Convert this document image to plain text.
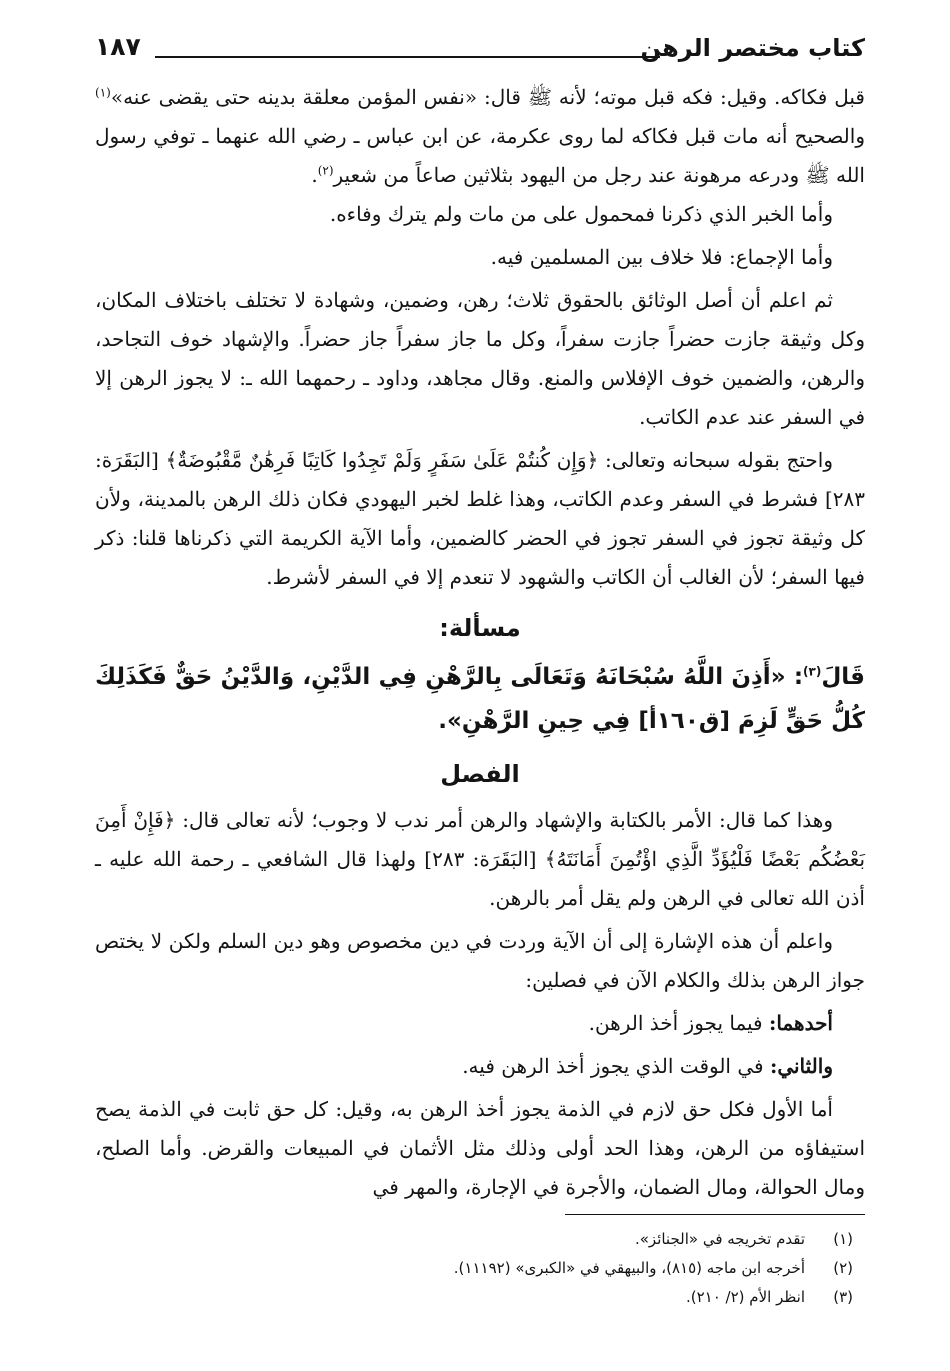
كتاب مختصر الرهن
١٨٧

قبل فكاكه. وقيل: فكه قبل موته؛ لأنه ﷺ قال: «نفس المؤمن معلقة بدينه حتى يقضى عنه»$^{(١)}$ والصحيح أنه مات قبل فكاكه لما روى عكرمة، عن ابن عباس ـ رضي الله عنهما ـ توفي رسول الله ﷺ ودرعه مرهونة عند رجل من اليهود بثلاثين صاعاً من شعير$^{(٢)}$.

وأما الخبر الذي ذكرنا فمحمول على من مات ولم يترك وفاءه.

وأما الإجماع: فلا خلاف بين المسلمين فيه.

ثم اعلم أن أصل الوثائق بالحقوق ثلاث؛ رهن، وضمين، وشهادة لا تختلف باختلاف المكان، وكل وثيقة جازت حضراً جازت سفراً، وكل ما جاز سفراً جاز حضراً. والإشهاد خوف التجاحد، والرهن، والضمين خوف الإفلاس والمنع. وقال مجاهد، وداود ـ رحمهما الله ـ: لا يجوز الرهن إلا في السفر عند عدم الكاتب.

واحتج بقوله سبحانه وتعالى: ﴿وَإِن كُنتُمْ عَلَىٰ سَفَرٍ وَلَمْ تَجِدُوا كَاتِبًا فَرِهَٰنٌ مَّقْبُوضَةٌ﴾ [البَقَرَة: ٢٨٣] فشرط في السفر وعدم الكاتب، وهذا غلط لخبر اليهودي فكان ذلك الرهن بالمدينة، ولأن كل وثيقة تجوز في السفر تجوز في الحضر كالضمين، وأما الآية الكريمة التي ذكرناها قلنا: ذكر فيها السفر؛ لأن الغالب أن الكاتب والشهود لا تنعدم إلا في السفر لأشرط.

مسألة:

قَالَ$^{(٣)}$: «أَذِنَ اللَّهُ سُبْحَانَهُ وَتَعَالَى بِالرَّهْنِ فِي الدَّيْنِ، وَالدَّيْنُ حَقٌّ فَكَذَلِكَ كُلُّ حَقٍّ لَزِمَ [ق١٦٠أ] فِي حِينِ الرَّهْنِ».

الفصل

وهذا كما قال: الأمر بالكتابة والإشهاد والرهن أمر ندب لا وجوب؛ لأنه تعالى قال: ﴿فَإِنْ أَمِنَ بَعْضُكُم بَعْضًا فَلْيُؤَدِّ الَّذِي اؤْتُمِنَ أَمَانَتَهُ﴾ [البَقَرَة: ٢٨٣] ولهذا قال الشافعي ـ رحمة الله عليه ـ أذن الله تعالى في الرهن ولم يقل أمر بالرهن.

واعلم أن هذه الإشارة إلى أن الآية وردت في دين مخصوص وهو دين السلم ولكن لا يختص جواز الرهن بذلك والكلام الآن في فصلين:

أحدهما: فيما يجوز أخذ الرهن.

والثاني: في الوقت الذي يجوز أخذ الرهن فيه.

أما الأول فكل حق لازم في الذمة يجوز أخذ الرهن به، وقيل: كل حق ثابت في الذمة يصح استيفاؤه من الرهن، وهذا الحد أولى وذلك مثل الأثمان في المبيعات والقرض. وأما الصلح، ومال الحوالة، ومال الضمان، والأجرة في الإجارة، والمهر في

(١)
تقدم تخريجه في «الجنائز».
(٢)
أخرجه ابن ماجه (٨١٥)، والبيهقي في «الكبرى» (١١١٩٢).
(٣)
انظر الأم (٢/ ٢١٠).
